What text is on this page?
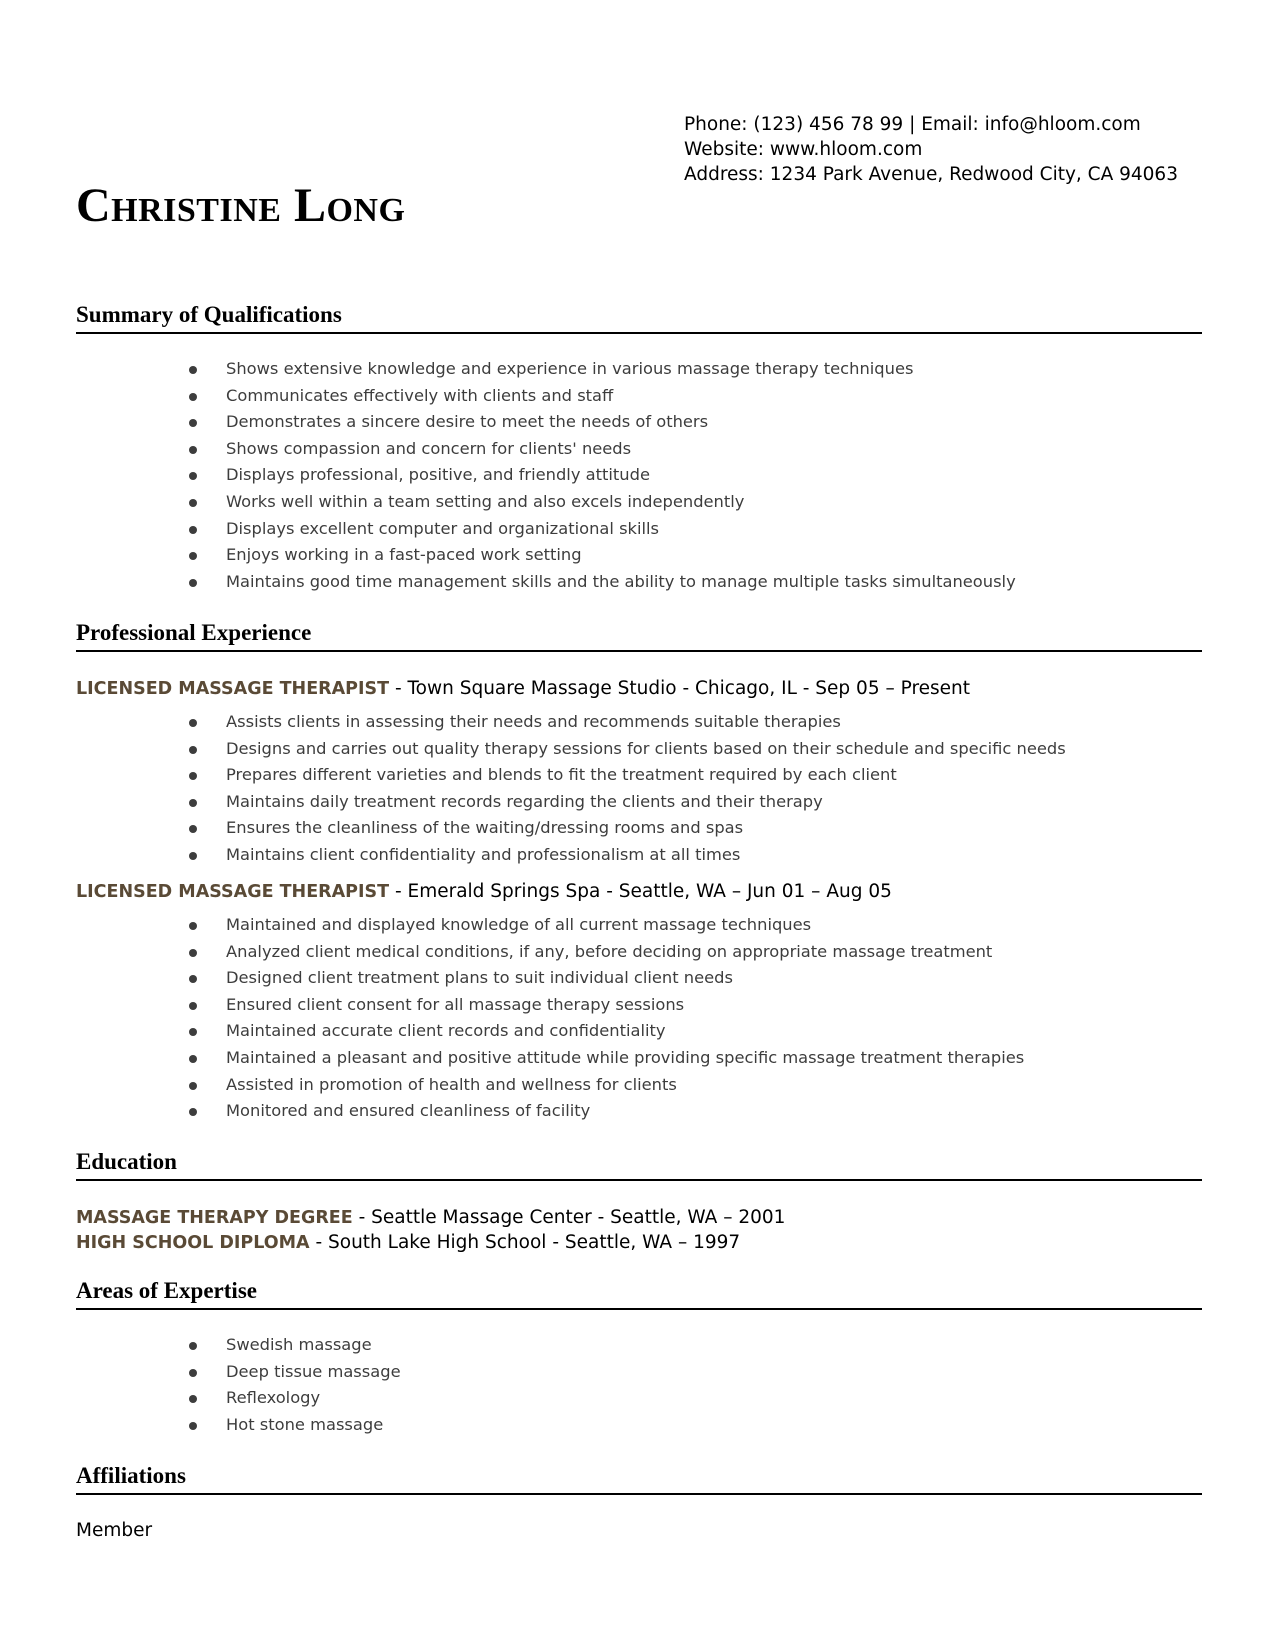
Phone: (123) 456 78 99 | Email: info@hloom.com
Website: www.hloom.com
Address: 1234 Park Avenue, Redwood City, CA 94063
Christine Long
Summary of Qualifications
Shows extensive knowledge and experience in various massage therapy techniques
Communicates effectively with clients and staff
Demonstrates a sincere desire to meet the needs of others
Shows compassion and concern for clients' needs
Displays professional, positive, and friendly attitude
Works well within a team setting and also excels independently
Displays excellent computer and organizational skills
Enjoys working in a fast-paced work setting
Maintains good time management skills and the ability to manage multiple tasks simultaneously
Professional Experience
LICENSED MASSAGE THERAPIST - Town Square Massage Studio - Chicago, IL - Sep 05 – Present
Assists clients in assessing their needs and recommends suitable therapies
Designs and carries out quality therapy sessions for clients based on their schedule and specific needs
Prepares different varieties and blends to fit the treatment required by each client
Maintains daily treatment records regarding the clients and their therapy
Ensures the cleanliness of the waiting/dressing rooms and spas
Maintains client confidentiality and professionalism at all times
LICENSED MASSAGE THERAPIST - Emerald Springs Spa - Seattle, WA – Jun 01 – Aug 05
Maintained and displayed knowledge of all current massage techniques
Analyzed client medical conditions, if any, before deciding on appropriate massage treatment
Designed client treatment plans to suit individual client needs
Ensured client consent for all massage therapy sessions
Maintained accurate client records and confidentiality
Maintained a pleasant and positive attitude while providing specific massage treatment therapies
Assisted in promotion of health and wellness for clients
Monitored and ensured cleanliness of facility
Education
MASSAGE THERAPY DEGREE - Seattle Massage Center - Seattle, WA – 2001
HIGH SCHOOL DIPLOMA - South Lake High School - Seattle, WA – 1997
Areas of Expertise
Swedish massage
Deep tissue massage
Reflexology
Hot stone massage
Affiliations
Member
